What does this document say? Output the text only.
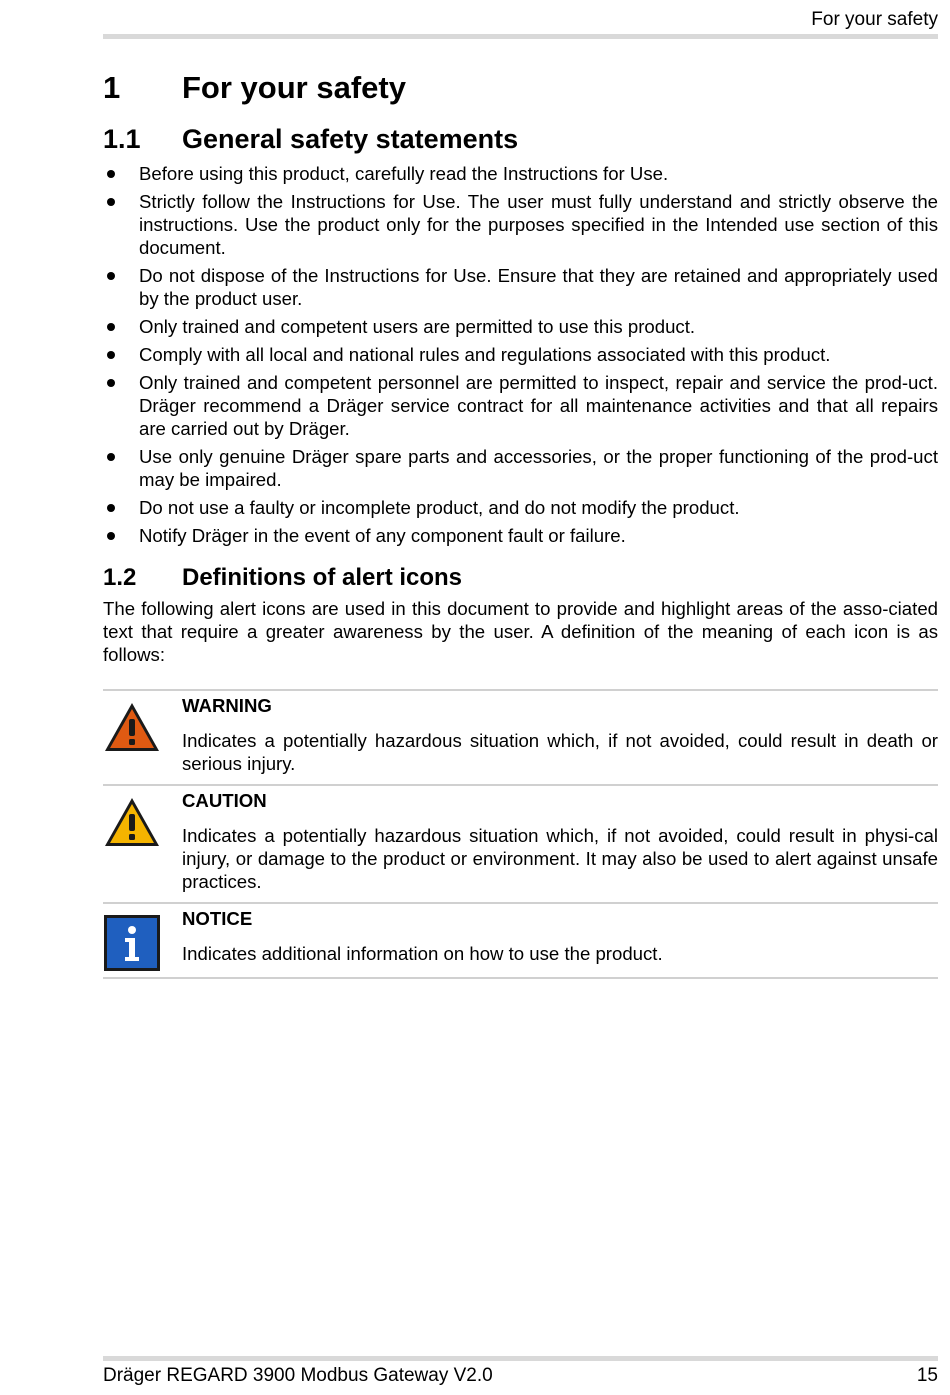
For your safety
1	For your safety
1.1	General safety statements
Before using this product, carefully read the Instructions for Use.
Strictly follow the Instructions for Use. The user must fully understand and strictly observe the instructions. Use the product only for the purposes specified in the Intended use section of this document.
Do not dispose of the Instructions for Use. Ensure that they are retained and appropriately used by the product user.
Only trained and competent users are permitted to use this product.
Comply with all local and national rules and regulations associated with this product.
Only trained and competent personnel are permitted to inspect, repair and service the prod-uct. Dräger recommend a Dräger service contract for all maintenance activities and that all repairs are carried out by Dräger.
Use only genuine Dräger spare parts and accessories, or the proper functioning of the prod-uct may be impaired.
Do not use a faulty or incomplete product, and do not modify the product.
Notify Dräger in the event of any component fault or failure.
1.2	Definitions of alert icons

The following alert icons are used in this document to provide and highlight areas of the asso-ciated text that require a greater awareness by the user. A definition of the meaning of each icon is as follows:

WARNING
Indicates a potentially hazardous situation which, if not avoided, could result in death or serious injury.
CAUTION
Indicates a potentially hazardous situation which, if not avoided, could result in physi-cal injury, or damage to the product or environment. It may also be used to alert against unsafe practices.
NOTICE
Indicates additional information on how to use the product.
Dräger REGARD 3900 Modbus Gateway V2.0	15
